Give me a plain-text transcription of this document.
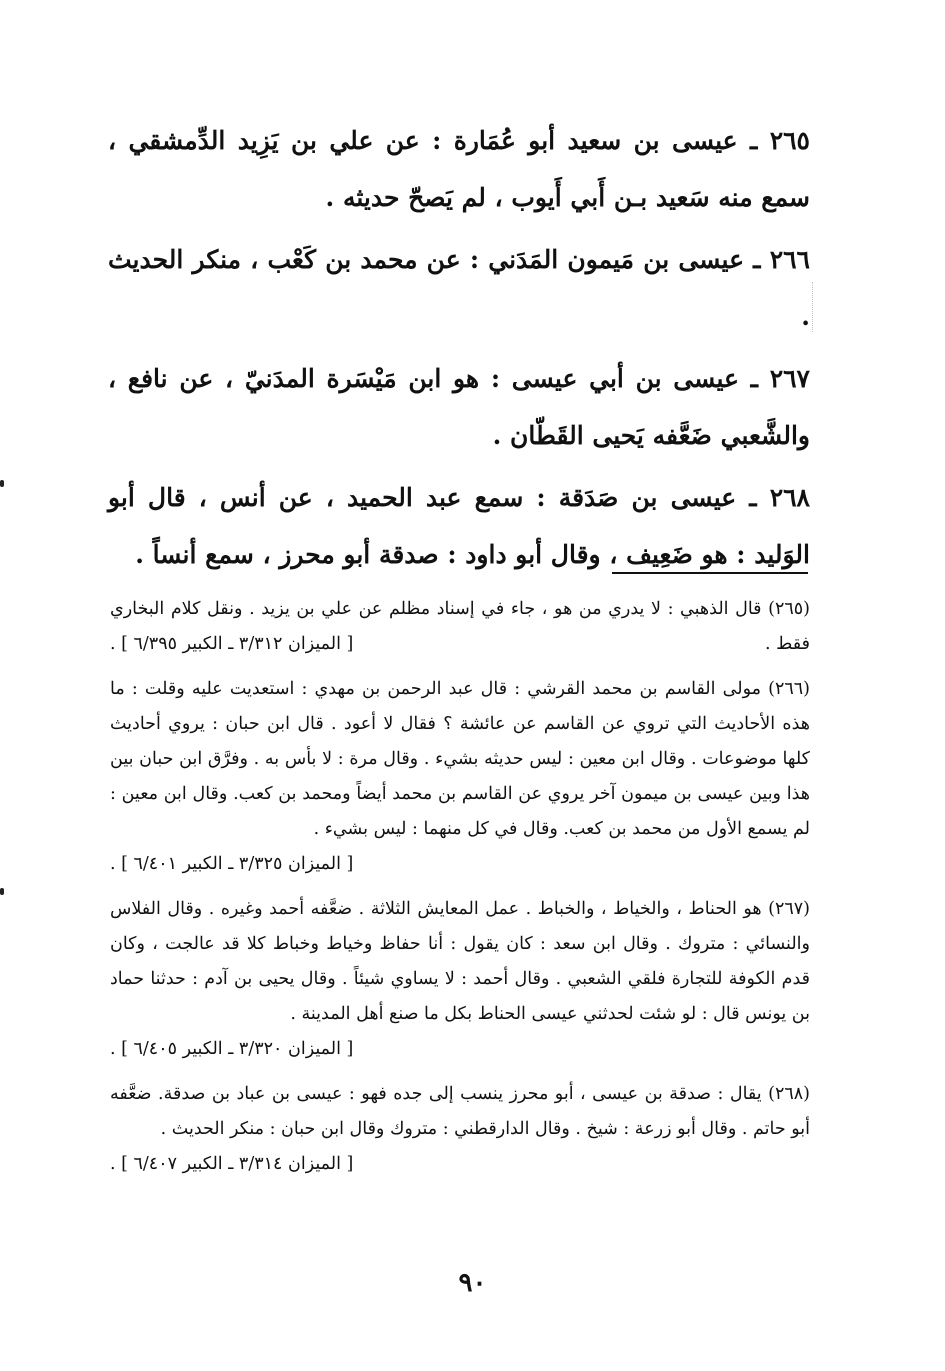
٢٦٥ ـ عيسى بن سعيد أبو عُمَارة : عن علي بن يَزِيد الدِّمشقي ، سمع منه سَعيد بـن أَبي أَيوب ، لم يَصحّ حديثه .

٢٦٦ ـ عيسى بن مَيمون المَدَني : عن محمد بن كَعْب ، منكر الحديث .

٢٦٧ ـ عيسى بن أبي عيسى : هو ابن مَيْسَرة المدَنيّ ، عن نافع ، والشَّعبي ضَعَّفه يَحيى القَطّان .

٢٦٨ ـ عيسى بن صَدَقة : سمع عبد الحميد ، عن أنس ، قال أبو الوَليد : هو ضَعِيف ، وقال أبو داود : صدقة أبو محرز ، سمع أنساً .

(٢٦٥) قال الذهبي : لا يدري من هو ، جاء في إسناد مظلم عن علي بن يزيد . ونقل كلام البخاري فقط .
[ الميزان ٣/٣١٢ ـ الكبير ٦/٣٩٥ ] .
(٢٦٦) مولى القاسم بن محمد القرشي : قال عبد الرحمن بن مهدي : استعديت عليه وقلت : ما هذه الأحاديث التي تروي عن القاسم عن عائشة ؟ فقال لا أعود . قال ابن حبان : يروي أحاديث كلها موضوعات . وقال ابن معين : ليس حديثه بشيء . وقال مرة : لا بأس به . وفرَّق ابن حبان بين هذا وبين عيسى بن ميمون آخر يروي عن القاسم بن محمد أيضاً ومحمد بن كعب. وقال ابن معين : لم يسمع الأول من محمد بن كعب. وقال في كل منهما : ليس بشيء .
[ الميزان ٣/٣٢٥ ـ الكبير ٦/٤٠١ ] .
(٢٦٧) هو الحناط ، والخياط ، والخباط . عمل المعايش الثلاثة . ضعَّفه أحمد وغيره . وقال الفلاس والنسائي : متروك . وقال ابن سعد : كان يقول : أنا حفاظ وخياط وخباط كلا قد عالجت ، وكان قدم الكوفة للتجارة فلقي الشعبي . وقال أحمد : لا يساوي شيئاً . وقال يحيى بن آدم : حدثنا حماد بن يونس قال : لو شئت لحدثني عيسى الحناط بكل ما صنع أهل المدينة .
[ الميزان ٣/٣٢٠ ـ الكبير ٦/٤٠٥ ] .
(٢٦٨) يقال : صدقة بن عيسى ، أبو محرز ينسب إلى جده فهو : عيسى بن عباد بن صدقة. ضعَّفه أبو حاتم . وقال أبو زرعة : شيخ . وقال الدارقطني : متروك وقال ابن حبان : منكر الحديث .
[ الميزان ٣/٣١٤ ـ الكبير ٦/٤٠٧ ] .
٩٠
